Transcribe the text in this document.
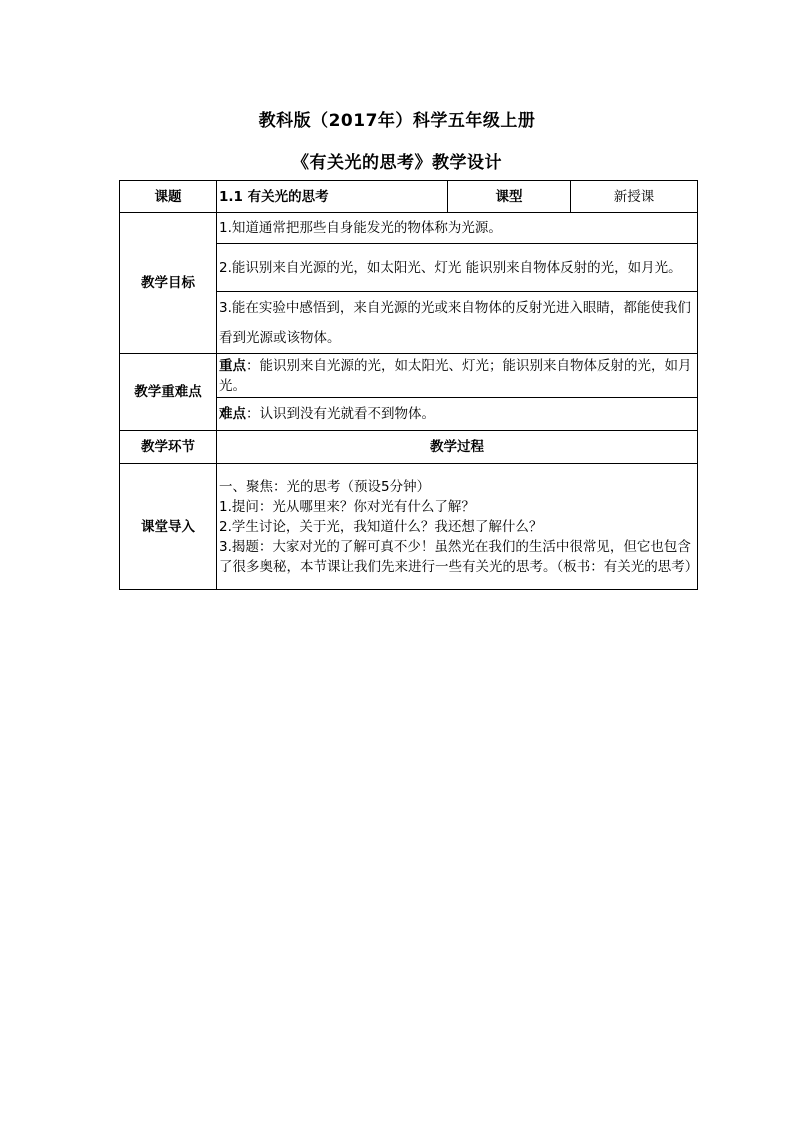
教科版（2017年）科学五年级上册
《有关光的思考》教学设计
课题	1.1 有关光的思考	课型	新授课
教学目标	1.知道通常把那些自身能发光的物体称为光源。		
	2.能识别来自光源的光，如太阳光、灯光 能识别来自物体反射的光，如月光。		
	3.能在实验中感悟到，来自光源的光或来自物体的反射光进入眼睛，都能使我们看到光源或该物体。		
教学重难点	重点：能识别来自光源的光，如太阳光、灯光；能识别来自物体反射的光，如月光。		
	难点：认识到没有光就看不到物体。		
教学环节	教学过程		
课堂导入	一、聚焦：光的思考（预设5分钟）
1.提问：光从哪里来？你对光有什么了解？
2.学生讨论，关于光，我知道什么？我还想了解什么？
3.揭题：大家对光的了解可真不少！虽然光在我们的生活中很常见，但它也包含了很多奥秘，本节课让我们先来进行一些有关光的思考。（板书：有关光的思考）		
